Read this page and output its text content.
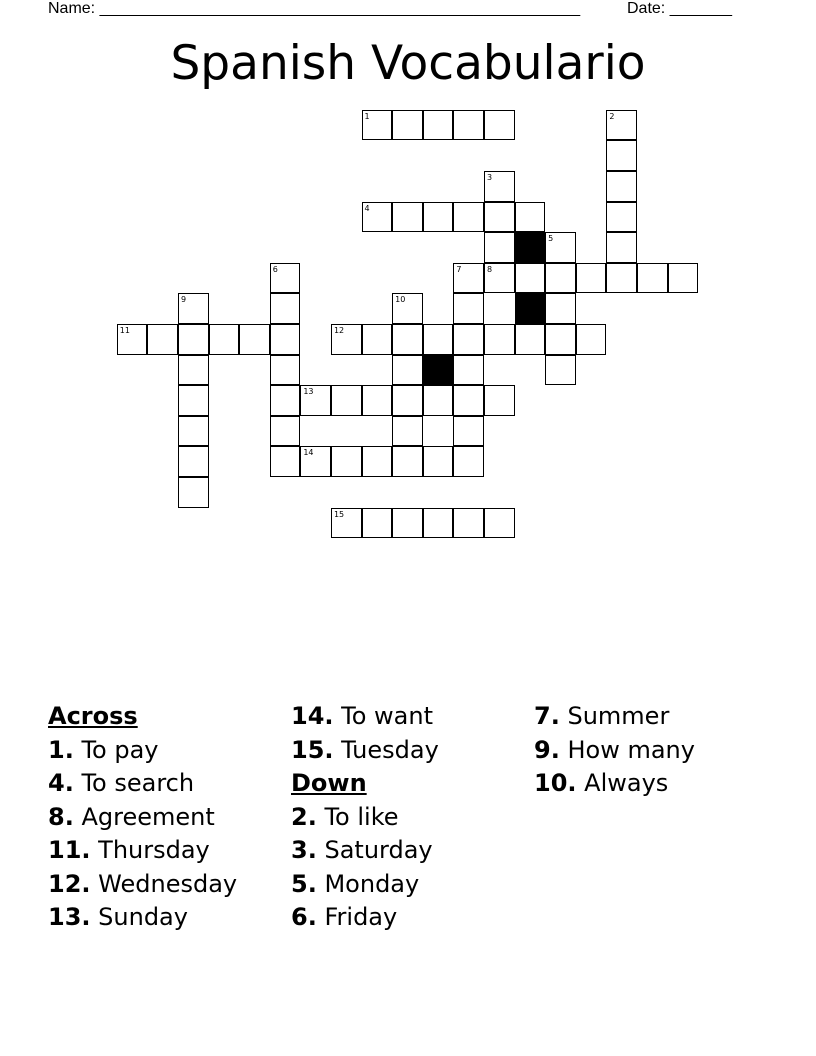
Name: ______________________________________________________	Date: _______
Spanish Vocabulario
1	2
3
8
4
5
6	7
9	10
11	12
13
14
15
Across
1. To pay
4. To search
8. Agreement
11. Thursday
12. Wednesday
13. Sunday
14. To want
15. Tuesday
Down
2. To like
3. Saturday
5. Monday
6. Friday
7. Summer
9. How many
10. Always
